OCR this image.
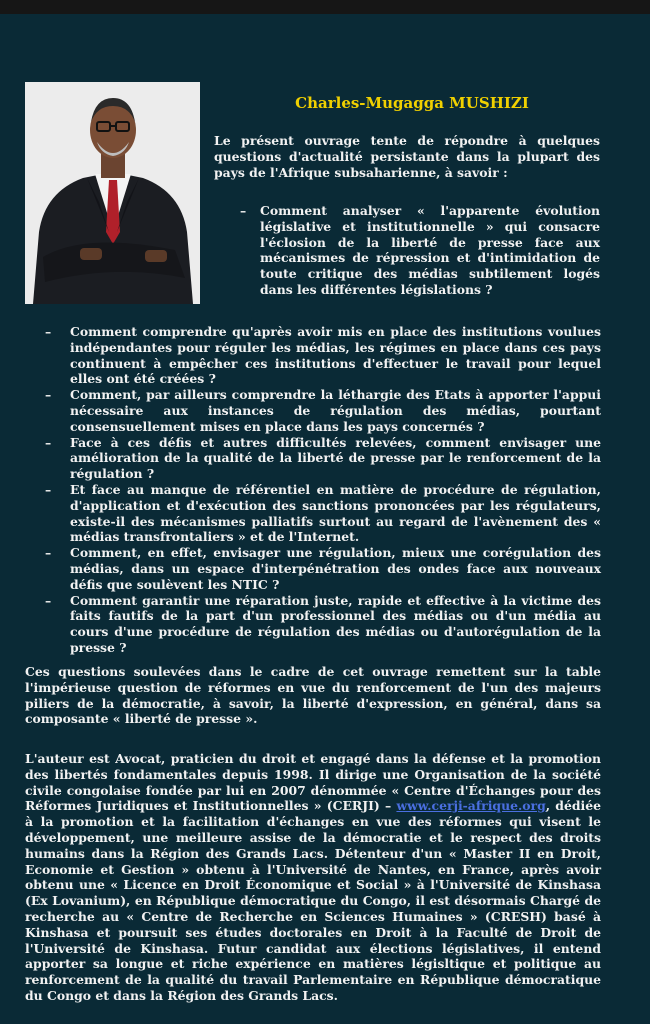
Charles-Mugagga MUSHIZI
Le présent ouvrage tente de répondre à quelques questions d'actualité persistante dans la plupart des pays de l'Afrique subsaharienne, à savoir :
–	Comment analyser « l'apparente évolution législative et institutionnelle » qui consacre l'éclosion de la liberté de presse face aux mécanismes de répression et d'intimidation de toute critique des médias subtilement logés dans les différentes législations ?
–	Comment comprendre qu'après avoir mis en place des institutions voulues indépendantes pour réguler les médias, les régimes en place dans ces pays continuent à empêcher ces institutions d'effectuer le travail pour lequel elles ont été créées ?
–	Comment, par ailleurs comprendre la léthargie des Etats à apporter l'appui nécessaire aux instances de régulation des médias, pourtant consensuellement mises en place dans les pays concernés ?
–	Face à ces défis et autres difficultés relevées, comment envisager une amélioration de la qualité de la liberté de presse par le renforcement de la régulation ?
–	Et face au manque de référentiel en matière de procédure de régulation, d'application et d'exécution des sanctions prononcées par les régulateurs, existe-il des mécanismes palliatifs surtout au regard de l'avènement des « médias transfrontaliers » et de l'Internet.
–	Comment, en effet, envisager une régulation, mieux une corégulation des médias, dans un espace d'interpénétration des ondes face aux nouveaux défis que soulèvent les NTIC ?
–	Comment garantir une réparation juste, rapide et effective à la victime des faits fautifs de la part d'un professionnel des médias ou d'un média au cours d'une procédure de régulation des médias ou d'autorégulation de la presse ?
Ces questions soulevées dans le cadre de cet ouvrage remettent sur la table l'impérieuse question de réformes en vue du renforcement de l'un des majeurs piliers de la démocratie, à savoir, la liberté d'expression, en général, dans sa composante « liberté de presse ».
L'auteur est Avocat, praticien du droit et engagé dans la défense et la promotion des libertés fondamentales depuis 1998. Il dirige une Organisation de la société civile congolaise fondée par lui en 2007 dénommée « Centre d'Échanges pour des Réformes Juridiques et Institutionnelles » (CERJI) – www.cerji-afrique.org, dédiée à la promotion et la facilitation d'échanges en vue des réformes qui visent le développement, une meilleure assise de la démocratie et le respect des droits humains dans la Région des Grands Lacs. Détenteur d'un « Master II en Droit, Economie et Gestion » obtenu à l'Université de Nantes, en France, après avoir obtenu une « Licence en Droit Économique et Social » à l'Université de Kinshasa (Ex Lovanium), en République démocratique du Congo, il est désormais Chargé de recherche au « Centre de Recherche en Sciences Humaines » (CRESH) basé à Kinshasa et poursuit ses études doctorales en Droit à la Faculté de Droit de l'Université de Kinshasa. Futur candidat aux élections législatives, il entend apporter sa longue et riche expérience en matières législtique et politique au renforcement de la qualité du travail Parlementaire en République démocratique du Congo et dans la Région des Grands Lacs.
